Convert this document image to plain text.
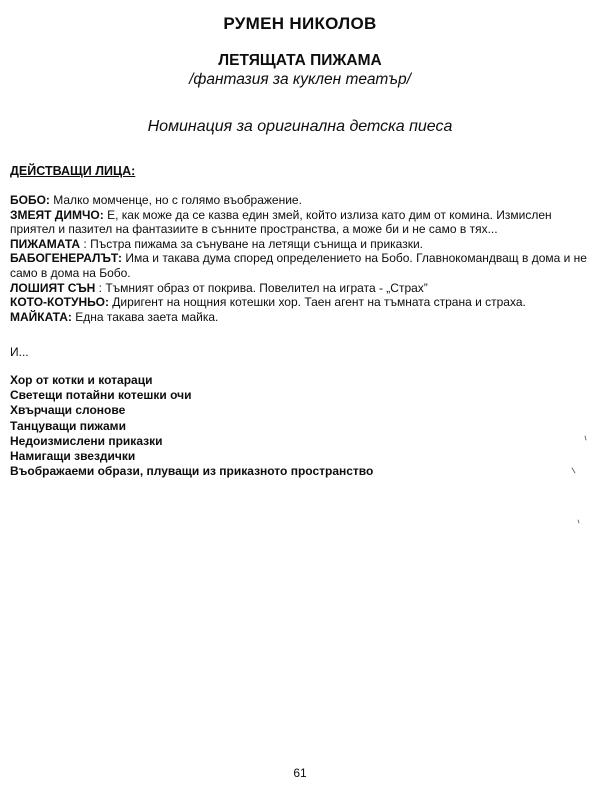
РУМЕН НИКОЛОВ
ЛЕТЯЩАТА ПИЖАМА
/фантазия за куклен театър/
Номинация за оригинална детска пиеса
ДЕЙСТВАЩИ ЛИЦА:

БОБО: Малко момченце, но с голямо въображение.

ЗМЕЯТ ДИМЧО: Е, как може да се казва един змей, който излиза като дим от комина. Измислен приятел и пазител на фантазиите в сънните пространства, а може би и не само в тях...

ПИЖАМАТА : Пъстра пижама за сънуване на летящи сънища и приказки.

БАБОГЕНЕРАЛЪТ: Има и такава дума според определението на Бобо. Главнокомандващ в дома и не само в дома на Бобо.

ЛОШИЯТ СЪН : Тъмният образ от покрива. Повелител на играта - „Страх”

КОТО-КОТУНЬО: Диригент на нощния котешки хор. Таен агент на тъмната страна и страха.

МАЙКАТА: Една такава заета майка.

И...

Хор от котки и котараци

Светещи потайни котешки очи

Хвърчащи слонове

Танцуващи пижами

Недоизмислени приказки

Намигащи звездички

Въображаеми образи, плуващи из приказното пространство

61
